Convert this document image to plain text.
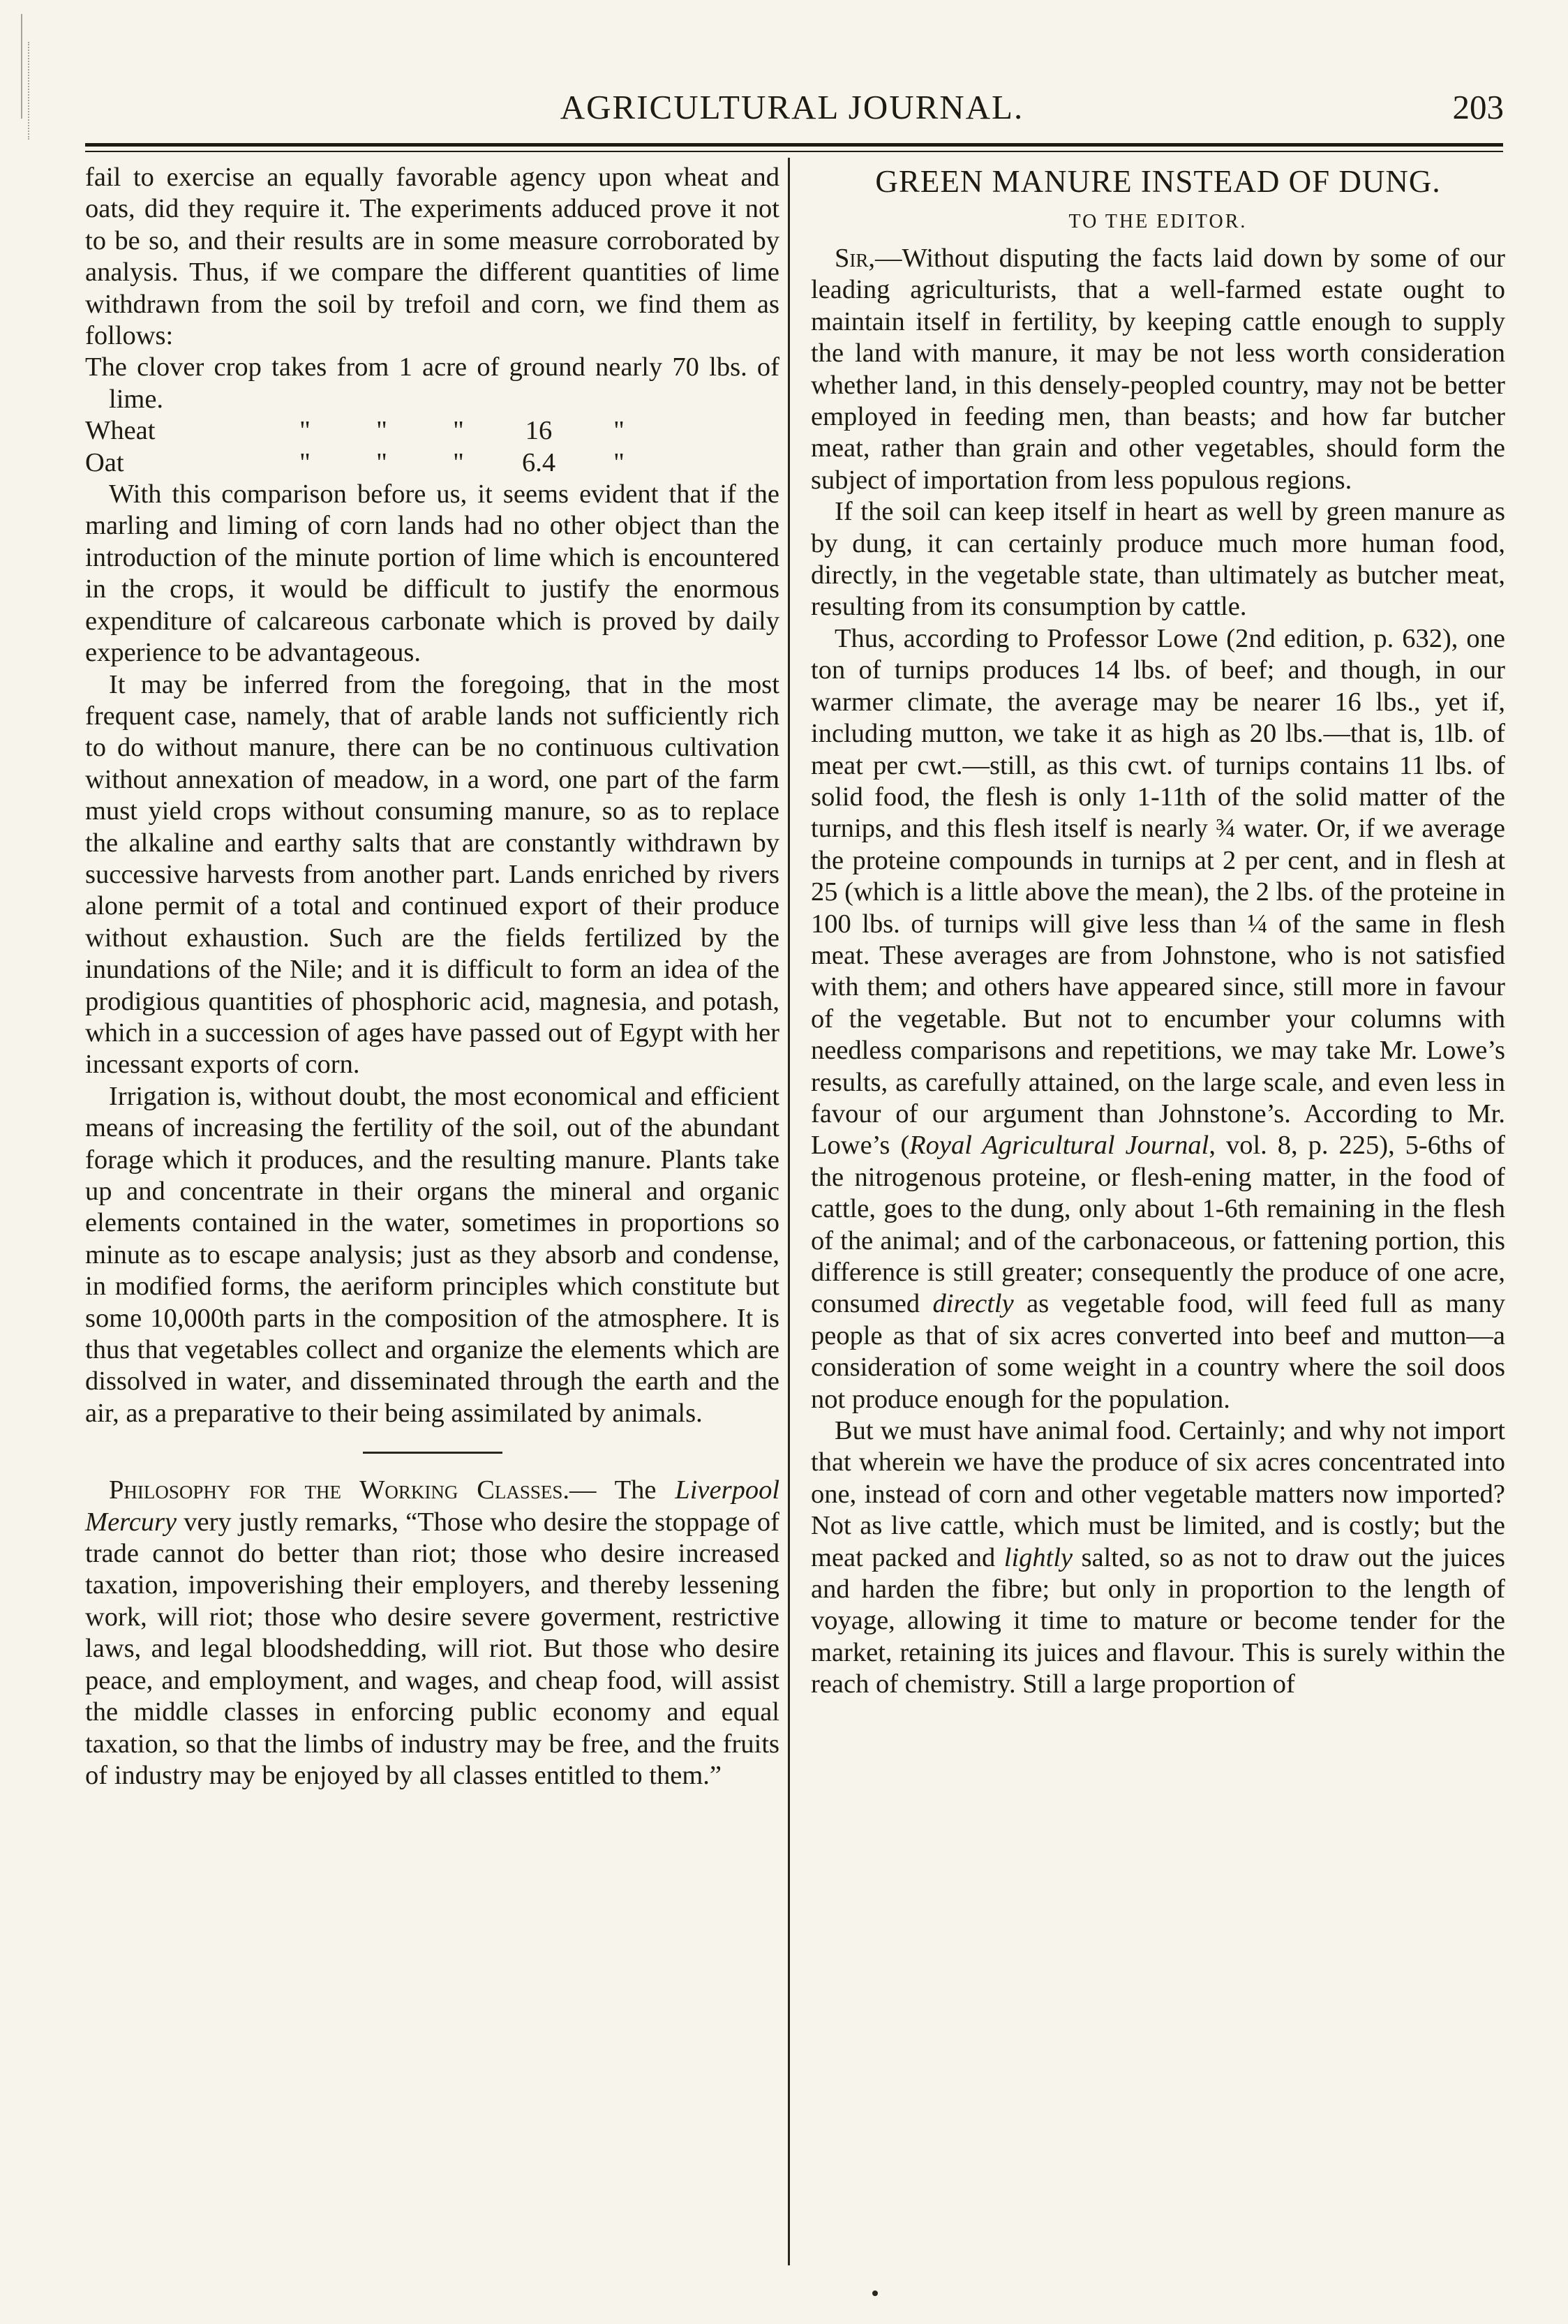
AGRICULTURAL JOURNAL.	203

fail to exercise an equally favorable agency upon wheat and oats, did they require it. The experiments adduced prove it not to be so, and their results are in some measure corroborated by analysis. Thus, if we compare the different quantities of lime withdrawn from the soil by trefoil and corn, we find them as follows:

The clover crop takes from 1 acre of ground nearly 70 lbs. of lime.

Wheat	"	"	"	16	"
Oat	"	"	"	6.4	"

With this comparison before us, it seems evident that if the marling and liming of corn lands had no other object than the introduction of the minute portion of lime which is encountered in the crops, it would be difficult to justify the enormous expenditure of calcareous carbonate which is proved by daily experience to be advantageous.

It may be inferred from the foregoing, that in the most frequent case, namely, that of arable lands not sufficiently rich to do without manure, there can be no continuous cultivation without annexation of meadow, in a word, one part of the farm must yield crops without consuming manure, so as to replace the alkaline and earthy salts that are constantly withdrawn by successive harvests from another part. Lands enriched by rivers alone permit of a total and continued export of their produce without exhaustion. Such are the fields fertilized by the inundations of the Nile; and it is difficult to form an idea of the prodigious quantities of phosphoric acid, magnesia, and potash, which in a succession of ages have passed out of Egypt with her incessant exports of corn.

Irrigation is, without doubt, the most economical and efficient means of increasing the fertility of the soil, out of the abundant forage which it produces, and the resulting manure. Plants take up and concentrate in their organs the mineral and organic elements contained in the water, sometimes in proportions so minute as to escape analysis; just as they absorb and condense, in modified forms, the aeriform principles which constitute but some 10,000th parts in the composition of the atmosphere. It is thus that vegetables collect and organize the elements which are dissolved in water, and disseminated through the earth and the air, as a preparative to their being assimilated by animals.

Philosophy for the Working Classes.— The Liverpool Mercury very justly remarks, “Those who desire the stoppage of trade cannot do better than riot; those who desire increased taxation, impoverishing their employers, and thereby lessening work, will riot; those who desire severe goverment, restrictive laws, and legal bloodshedding, will riot. But those who desire peace, and employment, and wages, and cheap food, will assist the middle classes in enforcing public economy and equal taxation, so that the limbs of industry may be free, and the fruits of industry may be enjoyed by all classes entitled to them.”

GREEN MANURE INSTEAD OF DUNG.
TO THE EDITOR.

Sir,—Without disputing the facts laid down by some of our leading agriculturists, that a well-farmed estate ought to maintain itself in fertility, by keeping cattle enough to supply the land with manure, it may be not less worth consideration whether land, in this densely-peopled country, may not be better employed in feeding men, than beasts; and how far butcher meat, rather than grain and other vegetables, should form the subject of importation from less populous regions.

If the soil can keep itself in heart as well by green manure as by dung, it can certainly produce much more human food, directly, in the vegetable state, than ultimately as butcher meat, resulting from its consumption by cattle.

Thus, according to Professor Lowe (2nd edition, p. 632), one ton of turnips produces 14 lbs. of beef; and though, in our warmer climate, the average may be nearer 16 lbs., yet if, including mutton, we take it as high as 20 lbs.—that is, 1lb. of meat per cwt.—still, as this cwt. of turnips contains 11 lbs. of solid food, the flesh is only 1-11th of the solid matter of the turnips, and this flesh itself is nearly ¾ water. Or, if we average the proteine compounds in turnips at 2 per cent, and in flesh at 25 (which is a little above the mean), the 2 lbs. of the proteine in 100 lbs. of turnips will give less than ¼ of the same in flesh meat. These averages are from Johnstone, who is not satisfied with them; and others have appeared since, still more in favour of the vegetable. But not to encumber your columns with needless comparisons and repetitions, we may take Mr. Lowe’s results, as carefully attained, on the large scale, and even less in favour of our argument than Johnstone’s. According to Mr. Lowe’s (Royal Agricultural Journal, vol. 8, p. 225), 5-6ths of the nitrogenous proteine, or flesh-ening matter, in the food of cattle, goes to the dung, only about 1-6th remaining in the flesh of the animal; and of the carbonaceous, or fattening portion, this difference is still greater; consequently the produce of one acre, consumed directly as vegetable food, will feed full as many people as that of six acres converted into beef and mutton—a consideration of some weight in a country where the soil doos not produce enough for the population.

But we must have animal food. Certainly; and why not import that wherein we have the produce of six acres concentrated into one, instead of corn and other vegetable matters now imported? Not as live cattle, which must be limited, and is costly; but the meat packed and lightly salted, so as not to draw out the juices and harden the fibre; but only in proportion to the length of voyage, allowing it time to mature or become tender for the market, retaining its juices and flavour. This is surely within the reach of chemistry. Still a large proportion of
